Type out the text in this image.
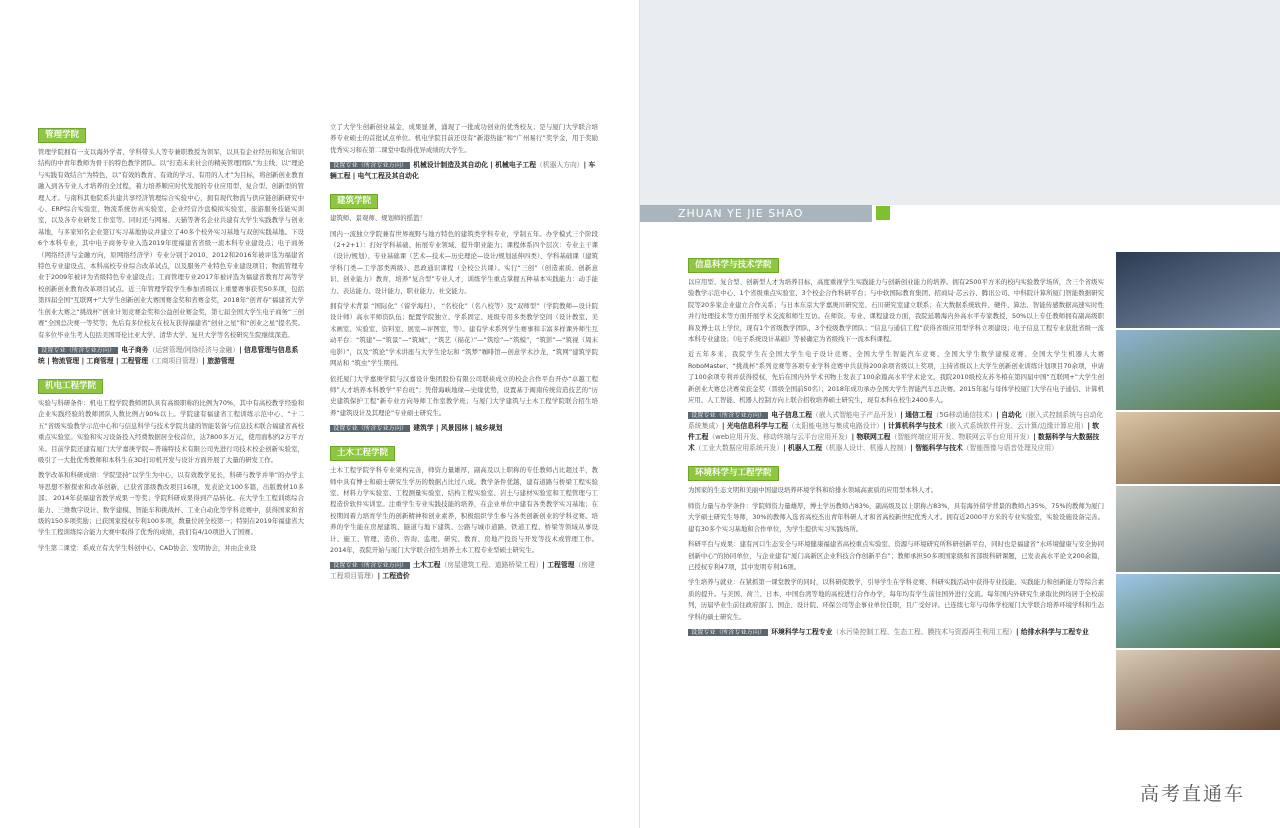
ZHUAN YE JIE SHAO
管理学院

管理学院拥有一支以海外学者、学科带头人等专兼职教授为领军，以具有企业经历和复合知识结构的中青年教师为骨干的特色教学团队。以“打造未来社会的精英管理团队”为主线，以“理论与实践有效结合”为特色，以“有效的教育、有效的学习、有用的人才”为目标，将创新创业教育融入到各专业人才培养的全过程，着力培养顺应时代发展的专业应用型、复合型、创新型的管理人才。与南科其他院系共建共享经济管理综合实验中心，拥有现代物流与供应链创新研究中心、ERP综合实验室、物流系统仿真实验室、企业经营沙盘模拟实验室、旅游服务技能实训室，以及各专业研发工作室等。同时还与网易、天猫等著名企业共建有大学生实践教学与创业基地，与多家知名企业签订实习基地协议并建立了40多个校外实习基地与双创实践基地。下设6个本科专业，其中电子商务专业入选2019年度福建省省级一流本科专业建设点；电子商务（网络经济与金融方向，原网络经济学）专业分别于2010、2012和2016年被评选为福建省特色专业建设点、本科高校专业综合改革试点，以及服务产业特色专业建设项目；物流管理专业于2009年被评为省级特色专业建设点；工商管理专业2017年被评选为福建省教育厅高等学校创新创业教育改革项目试点。近三年管理学院学生参加省级以上重要赛事获奖50多项，包括第四届全国“互联网+”大学生创新创业大赛国赛金奖和省赛金奖，2018年“创青春”福建省大学生创业大赛之“挑战杯”创业计划竞赛金奖和公益创业赛金奖，第七届全国大学生电子商务“三创赛”全国总决赛一等奖等；先后有多位校友在校友获得福建省“创业之星”和“创业之星”提名奖。有多位毕业生考入包括美国哥伦比亚大学、清华大学、复旦大学等名校研究生院继续深造。

设置专业（所含专业方向） 电子商务（运营管理/网络经济与金融）| 信息管理与信息系统 | 物流管理 | 工商管理 | 工程管理（工商项目管理）| 旅游管理
机电工程学院

实验与科研条件：机电工程学院教师团队具有高级职称的比例为70%，其中有高校教学经验和企业实践经验的教师团队人数比例占90%以上。学院建有福建省工程训练示范中心、“十二五”省级实验教学示范中心和与信息科学与技术学院共建的智能装备与信息技术联合福建省高校重点实验室。实验和实习设备投入经费数据居全校首位，达7800多万元，使用面积约2万平方米。目前学院还建有厦门大学嘉庚学院—普瑞特技术有限公司先进行司技术校企创新实验室，吸引了一大批优秀教师和本科生在3D打印机开发与设计方面开展了大量的研发工作。

教学改革和科研成绩：学院坚持“以学生为中心，以有效教学见长，科研与教学并举”的办学主导思想不断探索和改革创新，已获省部级教改项目16项，发表论文100多篇，出版教材10多部； 2014年获福建省教学成果一等奖；学院科研成果得到产品转化。在大学生工程训练综合能力、三维数字设计、数学建模、智能车和挑战杯、工业自动化等学科竞赛中，获得国家和省级的150多项奖励；已获国家授权专利100多项，数量位居全校第一；特别在2019年福建省大学生工程训练综合能力大赛中取得了优秀的成绩，我们有4/10项进入了国赛。

学生第二课堂：系成立有大学生科创中心、CAD协会、发明协会，并由企业设

立了大学生创新创业基金，成果显著，涌现了一批成功创业的优秀校友；是与厦门大学联合培养专业硕士的首批试点单位。机电学院目前还设有“新港热能”和“广州易行”奖学金，用于奖励优秀实习和在第二课堂中取得优异成绩的大学生。

设置专业（所含专业方向） 机械设计制造及其自动化 | 机械电子工程（机器人方向）| 车辆工程 | 电气工程及其自动化
建筑学院

建筑师、景观师、规划师的摇篮！

国内一流独立学院兼有世界视野与地方特色的建筑类学科专业，学制五年。办学模式三个阶段（2+2+1）：打好学科基础、拓展专业领域、提升职业能力；课程体系四个层次：专业主干课（设计/规划）、专业基础课（艺术—技术—历史理论—设计/规划延伸四类）、学科基础课（建筑学科门类—工学部类两级）、思政通识课程（全校公共课）。实行“三创”（创造素质、创新意识、创业能力）教育，培养“复合型”专业人才，训练学生重点掌握五种基本实践能力：动手能力、表达能力、设计能力、职业能力、社交能力。

拥有学术背景 “国际化”（留学海归）、 “名校化”（名八校等）及“双师型”（学院教师—设计院设计师）高水平师资队伍；配置学院独立、学系固定、班级专用多类教学空间（设计教室、美术画室、实验室、资料室、展室—评图室，等）。建有学术系列学生赛事和丰富多样课外师生互动平台：“筑建”—“筑景”—“筑城”，“筑艺（描花）”—“筑绘”—“筑模”，“筑影”—“筑视（周末电影）”，以及“筑论”学术讲座与大学生论坛和 “筑梦”咖啡馆—创意学术沙龙，“筑网”建筑学院网站和 “筑虫”学生期刊。

依托厦门大学嘉庚学院与汉嘉设计集团股份有限公司联袂成立的校企合作平台开办“卓越工程师”人才培养本科教学“平台班”；凭借海峡地缘—史缘优势，设置基于闽南传统营造技艺的“历史建筑保护工程”新专业方向导师工作室教学班；与厦门大学建筑与土木工程学院联合招生培养“建筑设计及其理论”专业硕士研究生。

设置专业（所含专业方向） 建筑学 | 风景园林 | 城乡规划
土木工程学院

土木工程学院学科专业架构完善，师资力量雄厚，副高及以上职称的专任教师占比超过半，教师中具有博士和硕士研究生学历的数据占比过八成。教学条件优越，建有道路与桥梁工程实验室、材料力学实验室、工程测量实验室、结构工程实验室、岩土与建材实验室和工程管理与工程造价软件实训室。注重学生专业实践技能的培养，在企业单位中建有各类教学实习基地；在校期间着力培育学生的创新精神和创业素养，积极组织学生参与各类创新创业的学科竞赛。培养的学生能在房屋建筑、隧道与地下建筑、公路与城市道路、铁道工程、桥梁等领域从事设计、施工、管理、造价、咨询、监理、研究、教育、房地产投资与开发等技术或管理工作。2014年，我院开始与厦门大学联合招生培养土木工程专业型硕士研究生。

设置专业（所含专业方向） 土木工程（房屋建筑工程、道路桥梁工程）| 工程管理（房建工程项目管理）| 工程造价
信息科学与技术学院

以应用型、复合型、创新型人才为培养目标，高度重视学生实践能力与创新创业能力的培养。拥有2500平方米的校内实验教学场所，含三个省级实验教学示范中心、1个省级重点实验室、3个校企合作科研平台；与中软国际教育集团、招商局·芯云谷、腾讯公司、中科院计算所厦门智能数据研究院等20多家企业建立合作关系；与日本东京大学嘉庚川研究室、石川研究室建立联系；在大数据系统软件、硬件、算法、智能传感数据高速实时性并行处理技术等方面开展学术交流和师生互访。在师资、专业、课程建设方面，我院延聘海内外高水平专家教授，50%以上专任教师拥有副高级职称及博士以上学位，现有1个省级教学团队，3个校级教学团队；“信息与通信工程”获得省级应用型学科立项建设；电子信息工程专业获批省级一流本科专业建设；《电子系统设计基础》等被确定为省级线下一流本科课程。

近五年多来，我院学生在全国大学生电子设计竞赛、全国大学生智能汽车竞赛、全国大学生数学建模竞赛、全国大学生机器人大赛RoboMaster、“挑战杯”系列竞赛等各项专业学科竞赛中共获得200余项省级以上奖项，主持省级以上大学生创新创业训练计划项目70余项，申请了100余项专利并获得授权，先后在国内外学术刊物上发表了100余篇高水平学术论文。我院2010级校友苏冬椿在第四届中国“互联网+”大学生创新创业大赛总决赛荣获金奖（晋级全国前50名）；2018年成功承办全国大学生智能汽车总决赛。2015年起与母体学校厦门大学在电子通信、计算机应用、人工智能、机器人控制方向上联合招收培养硕士研究生，现有本科在校生2400多人。

设置专业（所含专业方向） 电子信息工程（嵌入式智能电子产品开发）| 通信工程（5G移动通信技术）| 自动化（嵌入式控制系统与自动化系统集成）| 光电信息科学与工程（太阳能电池与集成电路设计）| 计算机科学与技术（嵌入式系统软件开发、云计算/边缘计算应用）| 软件工程（web应用开发、移动终端与云平台应用开发）| 物联网工程（智能终端应用开发、物联网云平台应用开发）| 数据科学与大数据技术（工业大数据应用系统开发）| 机器人工程（机器人设计、机器人控制）| 智能科学与技术（智能图像与语音处理及应用）
环境科学与工程学院

为国家的生态文明和美丽中国建设培养环境学科和给排水领域高素质的应用型本科人才。

师资力量与办学条件：学院师资力量雄厚，博士学历教师占83%，副高级及以上职称占83%，具有海外留学背景的教师占35%，75%的教师为厦门大学硕士研究生导师，30%的教师入选省高校杰出青年科研人才和省高校新世纪优秀人才。拥有近2000平方米的专业实验室，实验设施设备完善。建有30多个实习基地和合作单位，为学生提供实习实践场所。

科研平台与成果：建有河口生态安全与环境健康福建省高校重点实验室、资源与环境研究所科研创新平台，同时也是福建省“水环境健康与安全协同创新中心”的协同单位，与企业建有“厦门高新区企业科技合作创新平台”；教师承担50多项国家级和省部级科研课题，已发表高水平论文200余篇，已授权专利47项，其中发明专利16项。

学生培养与就业：在紧抓第一课堂教学的同时，以科研促教学，引导学生在学科竞赛、科研实践活动中获得专业技能、实践能力和创新能力等综合素质的提升。与美国、荷兰、日本、中国台湾等地的高校进行合作办学，每年均有学生前往国外进行交流。每年国内外研究生录取比例均居于全校前列，历届毕业生前往政府部门、国企、设计院、环保公司等企事业单位任职，且广受好评。已连续七年与母体学校厦门大学联合培养环境学科和生态学科的硕士研究生。

设置专业（所含专业方向） 环境科学与工程专业（水污染控制工程、生态工程、膜技术与资源再生利用工程）| 给排水科学与工程专业
高考直通车
